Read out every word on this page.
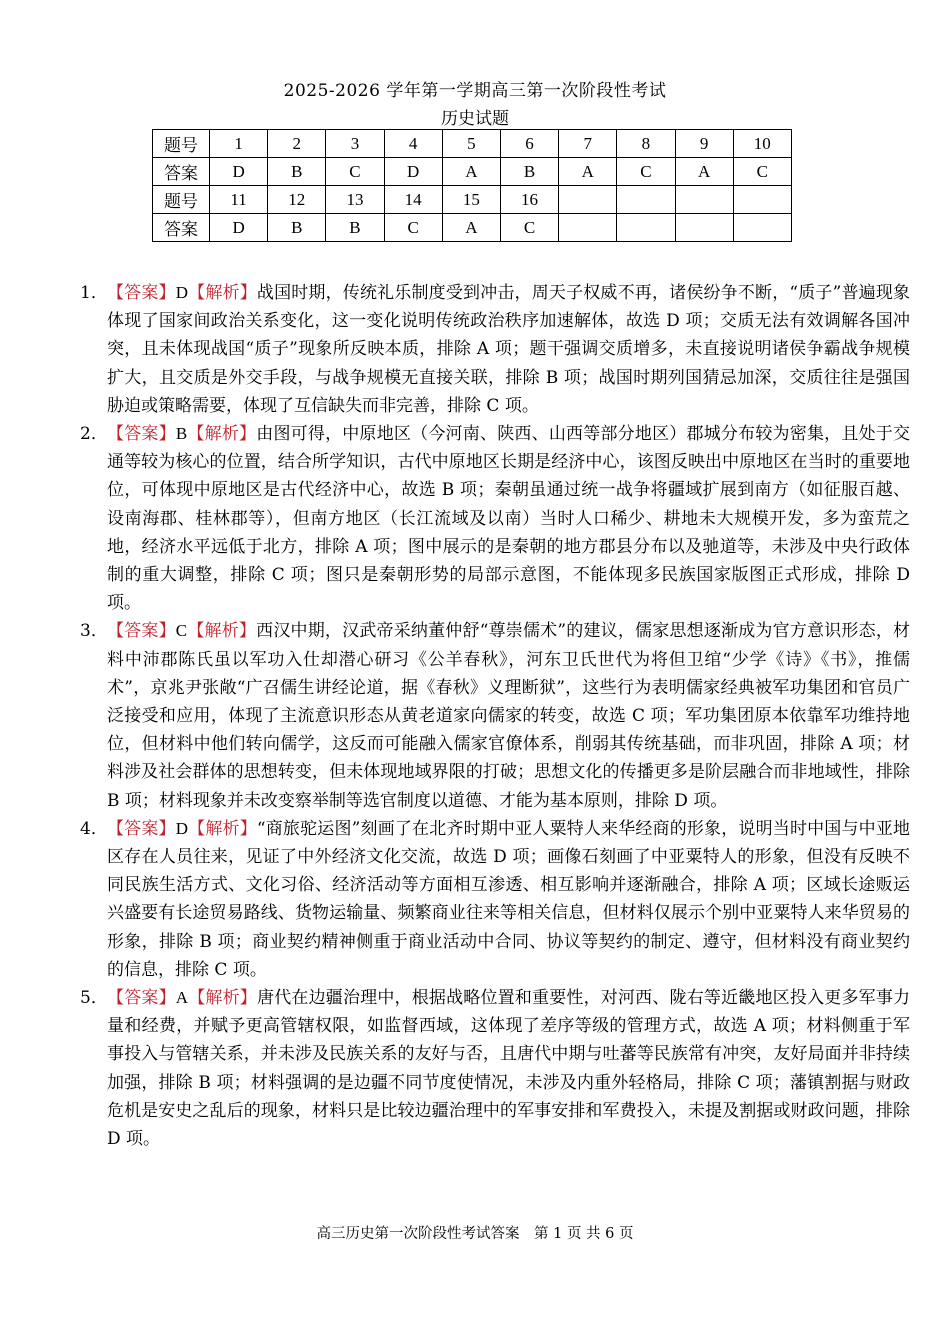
2025-2026 学年第一学期高三第一次阶段性考试
历史试题
题号	1	2	3	4	5	6	7	8	9	10
答案	D	B	C	D	A	B	A	C	A	C
题号	11	12	13	14	15	16				
答案	D	B	B	C	A	C				
1． 【答案】D【解析】战国时期，传统礼乐制度受到冲击，周天子权威不再，诸侯纷争不断，“质子”普遍现象体现了国家间政治关系变化，这一变化说明传统政治秩序加速解体，故选 D 项；交质无法有效调解各国冲突，且未体现战国“质子”现象所反映本质，排除 A 项；题干强调交质增多，未直接说明诸侯争霸战争规模扩大，且交质是外交手段，与战争规模无直接关联，排除 B 项；战国时期列国猜忌加深，交质往往是强国胁迫或策略需要，体现了互信缺失而非完善，排除 C 项。
2． 【答案】B【解析】由图可得，中原地区（今河南、陕西、山西等部分地区）郡城分布较为密集，且处于交通等较为核心的位置，结合所学知识，古代中原地区长期是经济中心，该图反映出中原地区在当时的重要地位，可体现中原地区是古代经济中心，故选 B 项；秦朝虽通过统一战争将疆域扩展到南方（如征服百越、设南海郡、桂林郡等），但南方地区（长江流域及以南）当时人口稀少、耕地未大规模开发，多为蛮荒之地，经济水平远低于北方，排除 A 项；图中展示的是秦朝的地方郡县分布以及驰道等，未涉及中央行政体制的重大调整，排除 C 项；图只是秦朝形势的局部示意图，不能体现多民族国家版图正式形成，排除 D 项。
3． 【答案】C【解析】西汉中期，汉武帝采纳董仲舒“尊崇儒术”的建议，儒家思想逐渐成为官方意识形态，材料中沛郡陈氏虽以军功入仕却潜心研习《公羊春秋》，河东卫氏世代为将但卫绾“少学《诗》《书》，推儒术”，京兆尹张敞“广召儒生讲经论道，据《春秋》义理断狱”，这些行为表明儒家经典被军功集团和官员广泛接受和应用，体现了主流意识形态从黄老道家向儒家的转变，故选 C 项；军功集团原本依靠军功维持地位，但材料中他们转向儒学，这反而可能融入儒家官僚体系，削弱其传统基础，而非巩固，排除 A 项；材料涉及社会群体的思想转变，但未体现地域界限的打破；思想文化的传播更多是阶层融合而非地域性，排除 B 项；材料现象并未改变察举制等选官制度以道德、才能为基本原则，排除 D 项。
4． 【答案】D【解析】“商旅驼运图”刻画了在北齐时期中亚人粟特人来华经商的形象，说明当时中国与中亚地区存在人员往来，见证了中外经济文化交流，故选 D 项；画像石刻画了中亚粟特人的形象，但没有反映不同民族生活方式、文化习俗、经济活动等方面相互渗透、相互影响并逐渐融合，排除 A 项；区域长途贩运兴盛要有长途贸易路线、货物运输量、频繁商业往来等相关信息，但材料仅展示个别中亚粟特人来华贸易的形象，排除 B 项；商业契约精神侧重于商业活动中合同、协议等契约的制定、遵守，但材料没有商业契约的信息，排除 C 项。
5． 【答案】A【解析】唐代在边疆治理中，根据战略位置和重要性，对河西、陇右等近畿地区投入更多军事力量和经费，并赋予更高管辖权限，如监督西域，这体现了差序等级的管理方式，故选 A 项；材料侧重于军事投入与管辖关系，并未涉及民族关系的友好与否，且唐代中期与吐蕃等民族常有冲突，友好局面并非持续加强，排除 B 项；材料强调的是边疆不同节度使情况，未涉及内重外轻格局，排除 C 项；藩镇割据与财政危机是安史之乱后的现象，材料只是比较边疆治理中的军事安排和军费投入，未提及割据或财政问题，排除 D 项。
高三历史第一次阶段性考试答案　第 1 页 共 6 页
